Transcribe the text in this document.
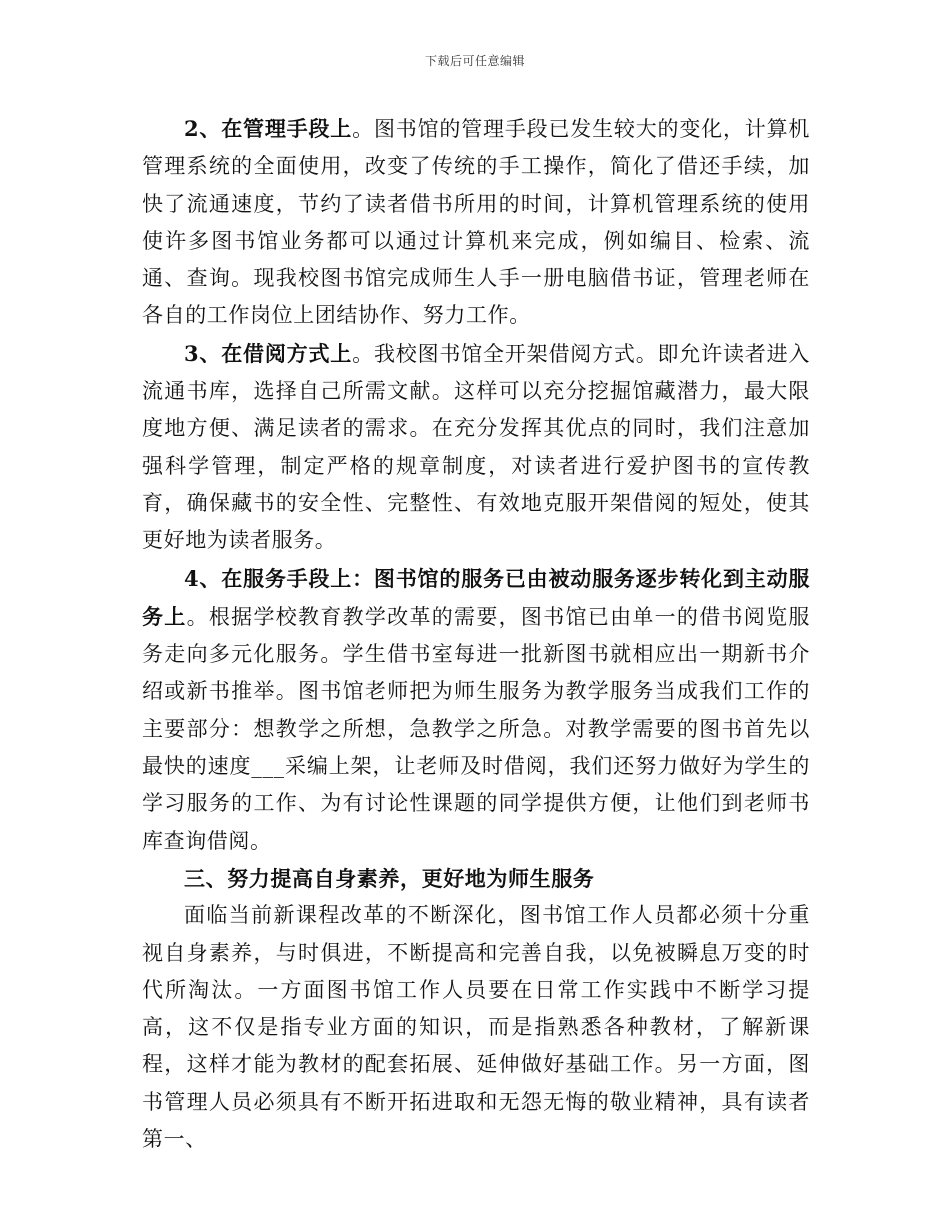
下载后可任意编辑

2、在管理手段上。图书馆的管理手段已发生较大的变化，计算机管理系统的全面使用，改变了传统的手工操作，简化了借还手续，加快了流通速度，节约了读者借书所用的时间，计算机管理系统的使用使许多图书馆业务都可以通过计算机来完成，例如编目、检索、流通、查询。现我校图书馆完成师生人手一册电脑借书证，管理老师在各自的工作岗位上团结协作、努力工作。

3、在借阅方式上。我校图书馆全开架借阅方式。即允许读者进入流通书库，选择自己所需文献。这样可以充分挖掘馆藏潜力，最大限度地方便、满足读者的需求。在充分发挥其优点的同时，我们注意加强科学管理，制定严格的规章制度，对读者进行爱护图书的宣传教育，确保藏书的安全性、完整性、有效地克服开架借阅的短处，使其更好地为读者服务。

4、在服务手段上：图书馆的服务已由被动服务逐步转化到主动服务上。根据学校教育教学改革的需要，图书馆已由单一的借书阅览服务走向多元化服务。学生借书室每进一批新图书就相应出一期新书介绍或新书推举。图书馆老师把为师生服务为教学服务当成我们工作的主要部分：想教学之所想，急教学之所急。对教学需要的图书首先以最快的速度___采编上架，让老师及时借阅，我们还努力做好为学生的学习服务的工作、为有讨论性课题的同学提供方便，让他们到老师书库查询借阅。

三、努力提高自身素养，更好地为师生服务

面临当前新课程改革的不断深化，图书馆工作人员都必须十分重视自身素养，与时俱进，不断提高和完善自我，以免被瞬息万变的时代所淘汰。一方面图书馆工作人员要在日常工作实践中不断学习提高，这不仅是指专业方面的知识，而是指熟悉各种教材，了解新课程，这样才能为教材的配套拓展、延伸做好基础工作。另一方面，图书管理人员必须具有不断开拓进取和无怨无悔的敬业精神，具有读者第一、
